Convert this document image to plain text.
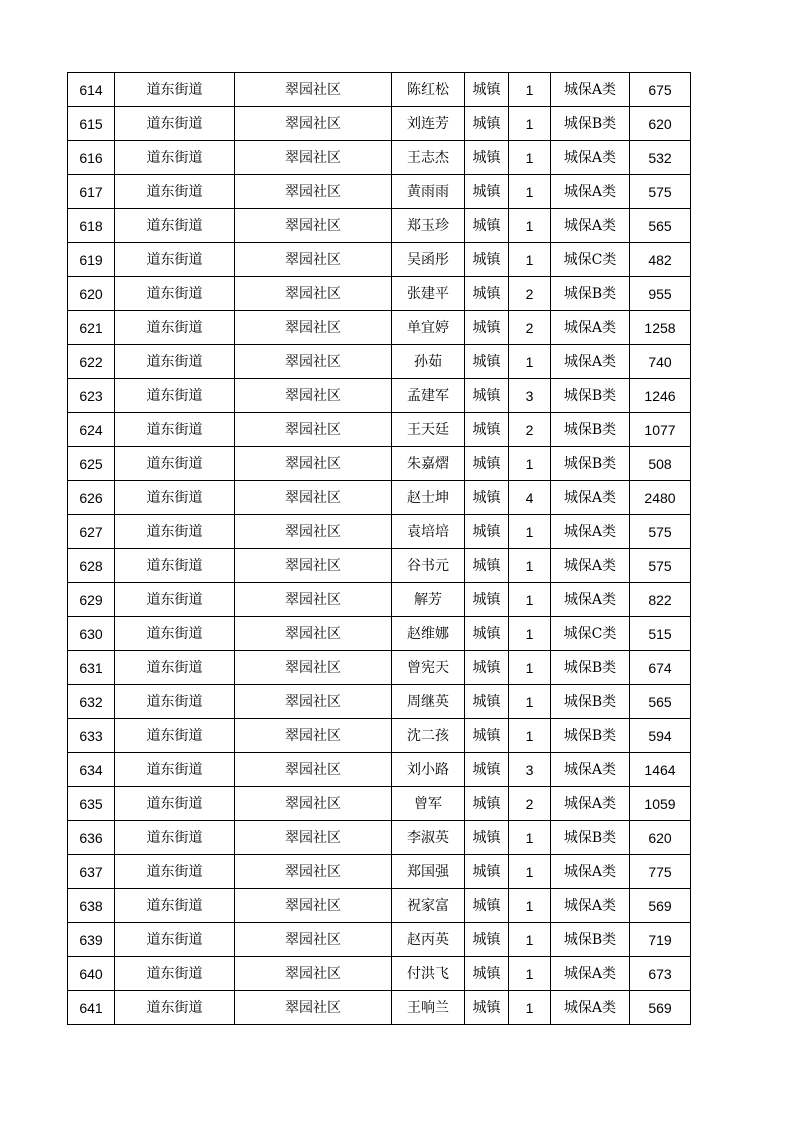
614	道东街道	翠园社区	陈红松	城镇	1	城保A类	675
615	道东街道	翠园社区	刘连芳	城镇	1	城保B类	620
616	道东街道	翠园社区	王志杰	城镇	1	城保A类	532
617	道东街道	翠园社区	黄雨雨	城镇	1	城保A类	575
618	道东街道	翠园社区	郑玉珍	城镇	1	城保A类	565
619	道东街道	翠园社区	吴函彤	城镇	1	城保C类	482
620	道东街道	翠园社区	张建平	城镇	2	城保B类	955
621	道东街道	翠园社区	单宜婷	城镇	2	城保A类	1258
622	道东街道	翠园社区	孙茹	城镇	1	城保A类	740
623	道东街道	翠园社区	孟建军	城镇	3	城保B类	1246
624	道东街道	翠园社区	王天廷	城镇	2	城保B类	1077
625	道东街道	翠园社区	朱嘉熠	城镇	1	城保B类	508
626	道东街道	翠园社区	赵士坤	城镇	4	城保A类	2480
627	道东街道	翠园社区	袁培培	城镇	1	城保A类	575
628	道东街道	翠园社区	谷书元	城镇	1	城保A类	575
629	道东街道	翠园社区	解芳	城镇	1	城保A类	822
630	道东街道	翠园社区	赵维娜	城镇	1	城保C类	515
631	道东街道	翠园社区	曾宪天	城镇	1	城保B类	674
632	道东街道	翠园社区	周继英	城镇	1	城保B类	565
633	道东街道	翠园社区	沈二孩	城镇	1	城保B类	594
634	道东街道	翠园社区	刘小路	城镇	3	城保A类	1464
635	道东街道	翠园社区	曾军	城镇	2	城保A类	1059
636	道东街道	翠园社区	李淑英	城镇	1	城保B类	620
637	道东街道	翠园社区	郑国强	城镇	1	城保A类	775
638	道东街道	翠园社区	祝家富	城镇	1	城保A类	569
639	道东街道	翠园社区	赵丙英	城镇	1	城保B类	719
640	道东街道	翠园社区	付洪飞	城镇	1	城保A类	673
641	道东街道	翠园社区	王响兰	城镇	1	城保A类	569
